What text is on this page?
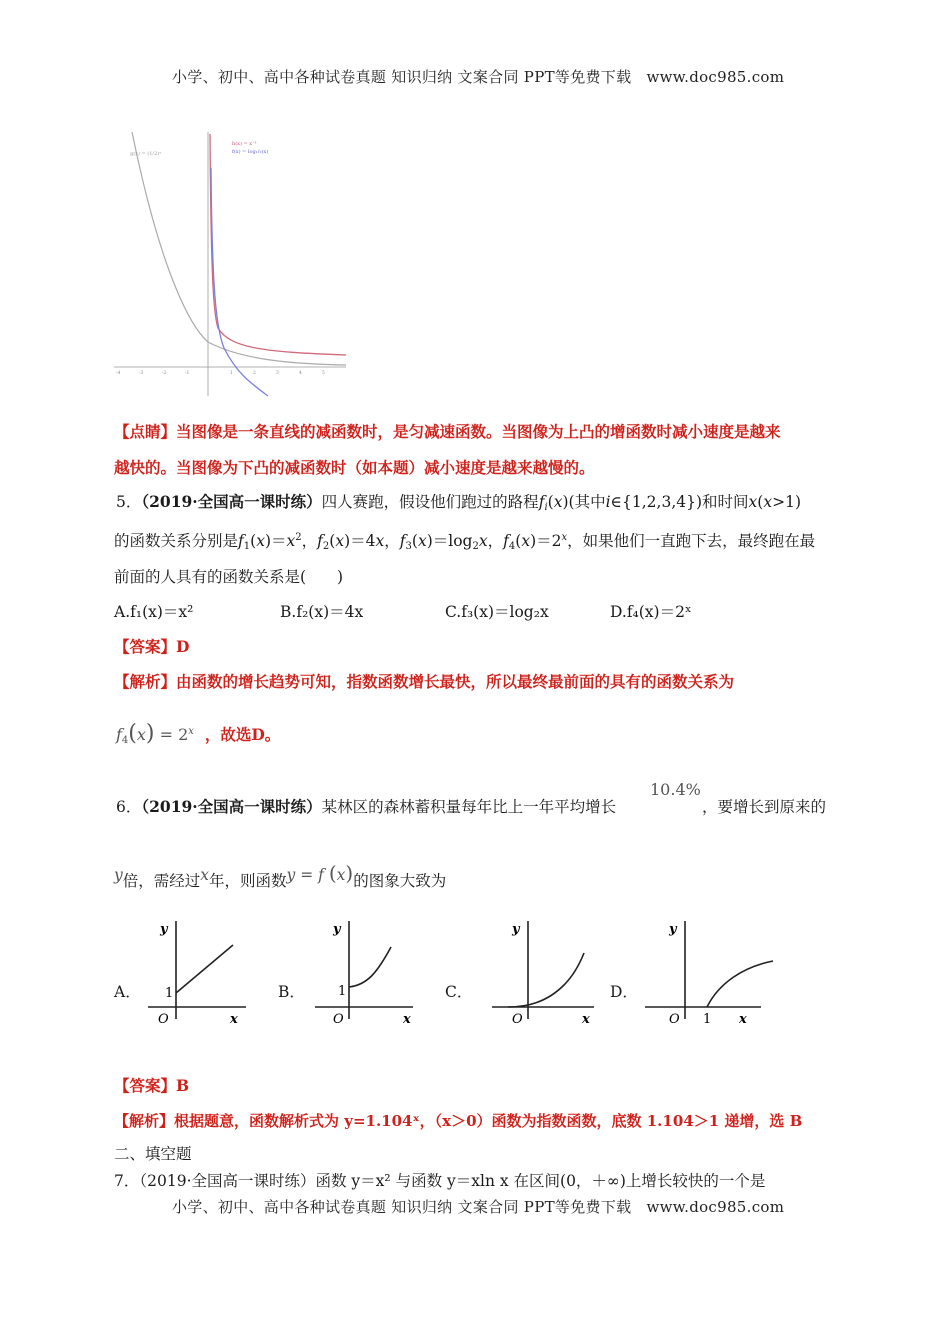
小学、初中、高中各种试卷真题 知识归纳 文案合同 PPT等免费下载 www.doc985.com
h(x) = x⁻¹
f(x) = log₁/₂(x)
g(x) = (1/2)ˣ
-4	-3	-2	-1	1	2	3	4	5
【点睛】当图像是一条直线的减函数时，是匀减速函数。当图像为上凸的增函数时减小速度是越来
越快的。当图像为下凸的减函数时（如本题）减小速度是越来越慢的。
5．（2019·全国高一课时练）四人赛跑，假设他们跑过的路程$f_i(x)$(其中i∈{1,2,3,4})和时间x(x>1)
的函数关系分别是$f_1(x)=x^2$，$f_2(x)=4x$，$f_3(x)=\log_2x$，$f_4(x)=2^x$，如果他们一直跑下去，最终跑在最
前面的人具有的函数关系是(　　)
A.f₁(x)＝x²	B.f₂(x)＝4x	C.f₃(x)＝log₂x	D.f₄(x)＝2ˣ
【答案】D
【解析】由函数的增长趋势可知，指数函数增长最快，所以最终最前面的具有的函数关系为
$f_4(x) = 2^x$ ，故选D。
6．（2019·全国高一课时练）某林区的森林蓄积量每年比上一年平均增长
10.4%
，要增长到原来的
y倍，需经过x年，则函数y = f (x)的图象大致为
A．
y
1
O	x
B．
y
1
O	x
C．
y
O	x
D．
y
O 1 x
【答案】B
【解析】根据题意，函数解析式为 y=1.104ˣ，（x＞0）函数为指数函数，底数 1.104＞1 递增，选 B
二、填空题
7．（2019·全国高一课时练）函数 y＝x² 与函数 y＝xln x 在区间(0，＋∞)上增长较快的一个是
小学、初中、高中各种试卷真题 知识归纳 文案合同 PPT等免费下载 www.doc985.com
